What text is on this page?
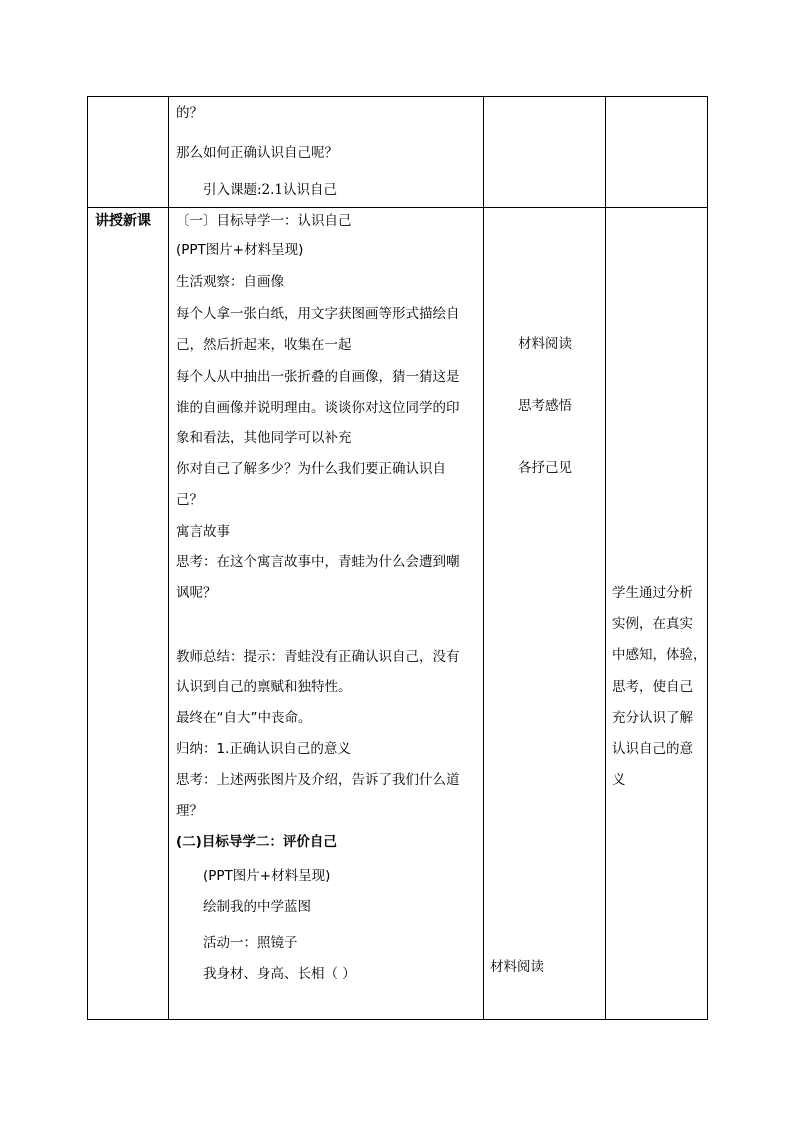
的？
那么如何正确认识自己呢？
引入课题:2.1认识自己
讲授新课 〔一〕目标导学一：认识自己
(PPT图片+材料呈现)
生活观察：自画像
每个人拿一张白纸，用文字获图画等形式描绘自
己，然后折起来，收集在一起
每个人从中抽出一张折叠的自画像，猜一猜这是
谁的自画像并说明理由。谈谈你对这位同学的印
象和看法，其他同学可以补充
你对自己了解多少？为什么我们要正确认识自
己？
寓言故事
思考：在这个寓言故事中，青蛙为什么会遭到嘲
讽呢？
教师总结：提示：青蛙没有正确认识自己，没有
认识到自己的禀赋和独特性。
最终在“自大”中丧命。
归纳：1.正确认识自己的意义
思考：上述两张图片及介绍，告诉了我们什么道
理？
(二)目标导学二：评价自己
(PPT图片+材料呈现)
绘制我的中学蓝图
活动一：照镜子
我身材、身高、长相（ ）
材料阅读
思考感悟
各抒己见
材料阅读
学生通过分析
实例，在真实
中感知，体验，
思考，使自己
充分认识了解
认识自己的意
义
